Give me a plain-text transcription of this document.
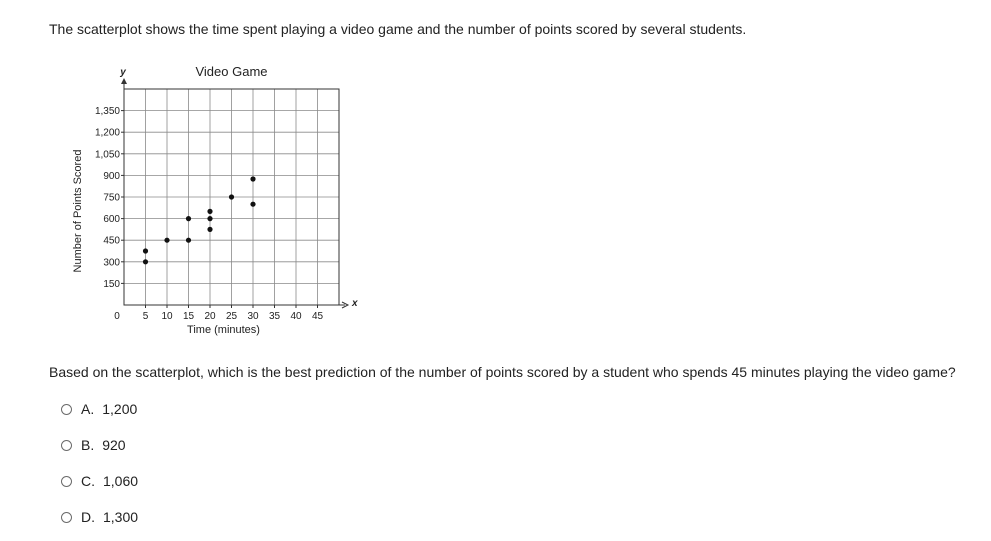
The scatterplot shows the time spent playing a video game and the number of points scored by several students.
x
y	Video Game
150
300
450
600
750
900
1,050
1,200
1,350
5 10 15 20 25 30 35 40 45
0
Time (minutes)
Number of Points Scored
Based on the scatterplot, which is the best prediction of the number of points scored by a student who spends 45 minutes playing the video game?
A. 1,200
B. 920
C. 1,060
D. 1,300
